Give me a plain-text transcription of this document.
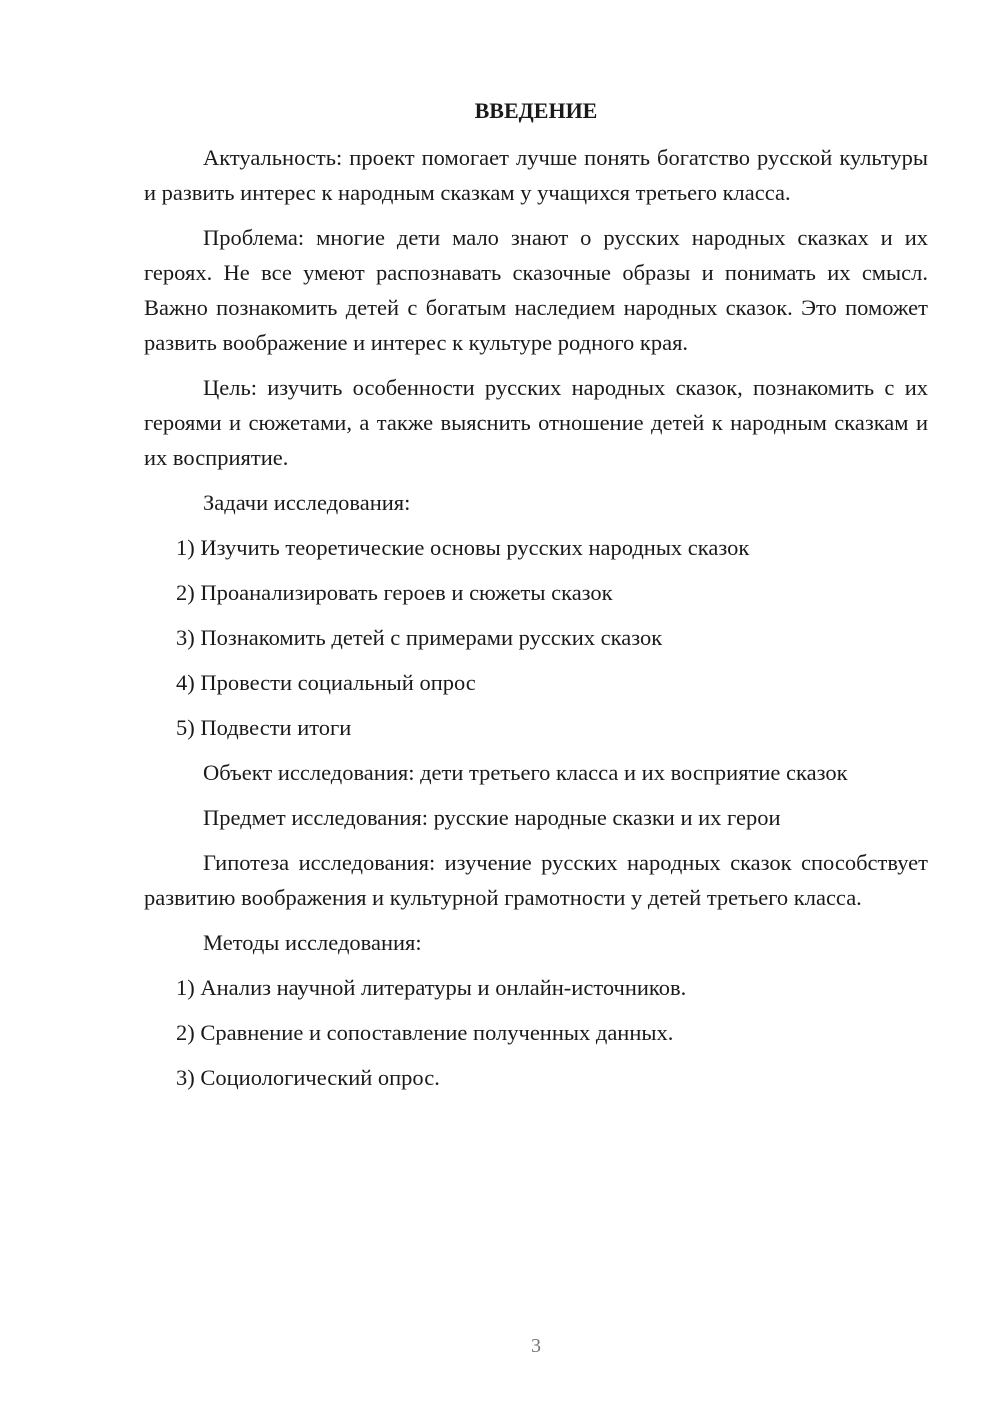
ВВЕДЕНИЕ

Актуальность: проект помогает лучше понять богатство русской культуры и развить интерес к народным сказкам у учащихся третьего класса.

Проблема: многие дети мало знают о русских народных сказках и их героях. Не все умеют распознавать сказочные образы и понимать их смысл. Важно познакомить детей с богатым наследием народных сказок. Это поможет развить воображение и интерес к культуре родного края.

Цель: изучить особенности русских народных сказок, познакомить с их героями и сюжетами, а также выяснить отношение детей к народным сказкам и их восприятие.

Задачи исследования:

1) Изучить теоретические основы русских народных сказок

2) Проанализировать героев и сюжеты сказок

3) Познакомить детей с примерами русских сказок

4) Провести социальный опрос

5) Подвести итоги

Объект исследования: дети третьего класса и их восприятие сказок

Предмет исследования: русские народные сказки и их герои

Гипотеза исследования: изучение русских народных сказок способствует развитию воображения и культурной грамотности у детей третьего класса.

Методы исследования:

1) Анализ научной литературы и онлайн-источников.

2) Сравнение и сопоставление полученных данных.

3) Социологический опрос.

3
